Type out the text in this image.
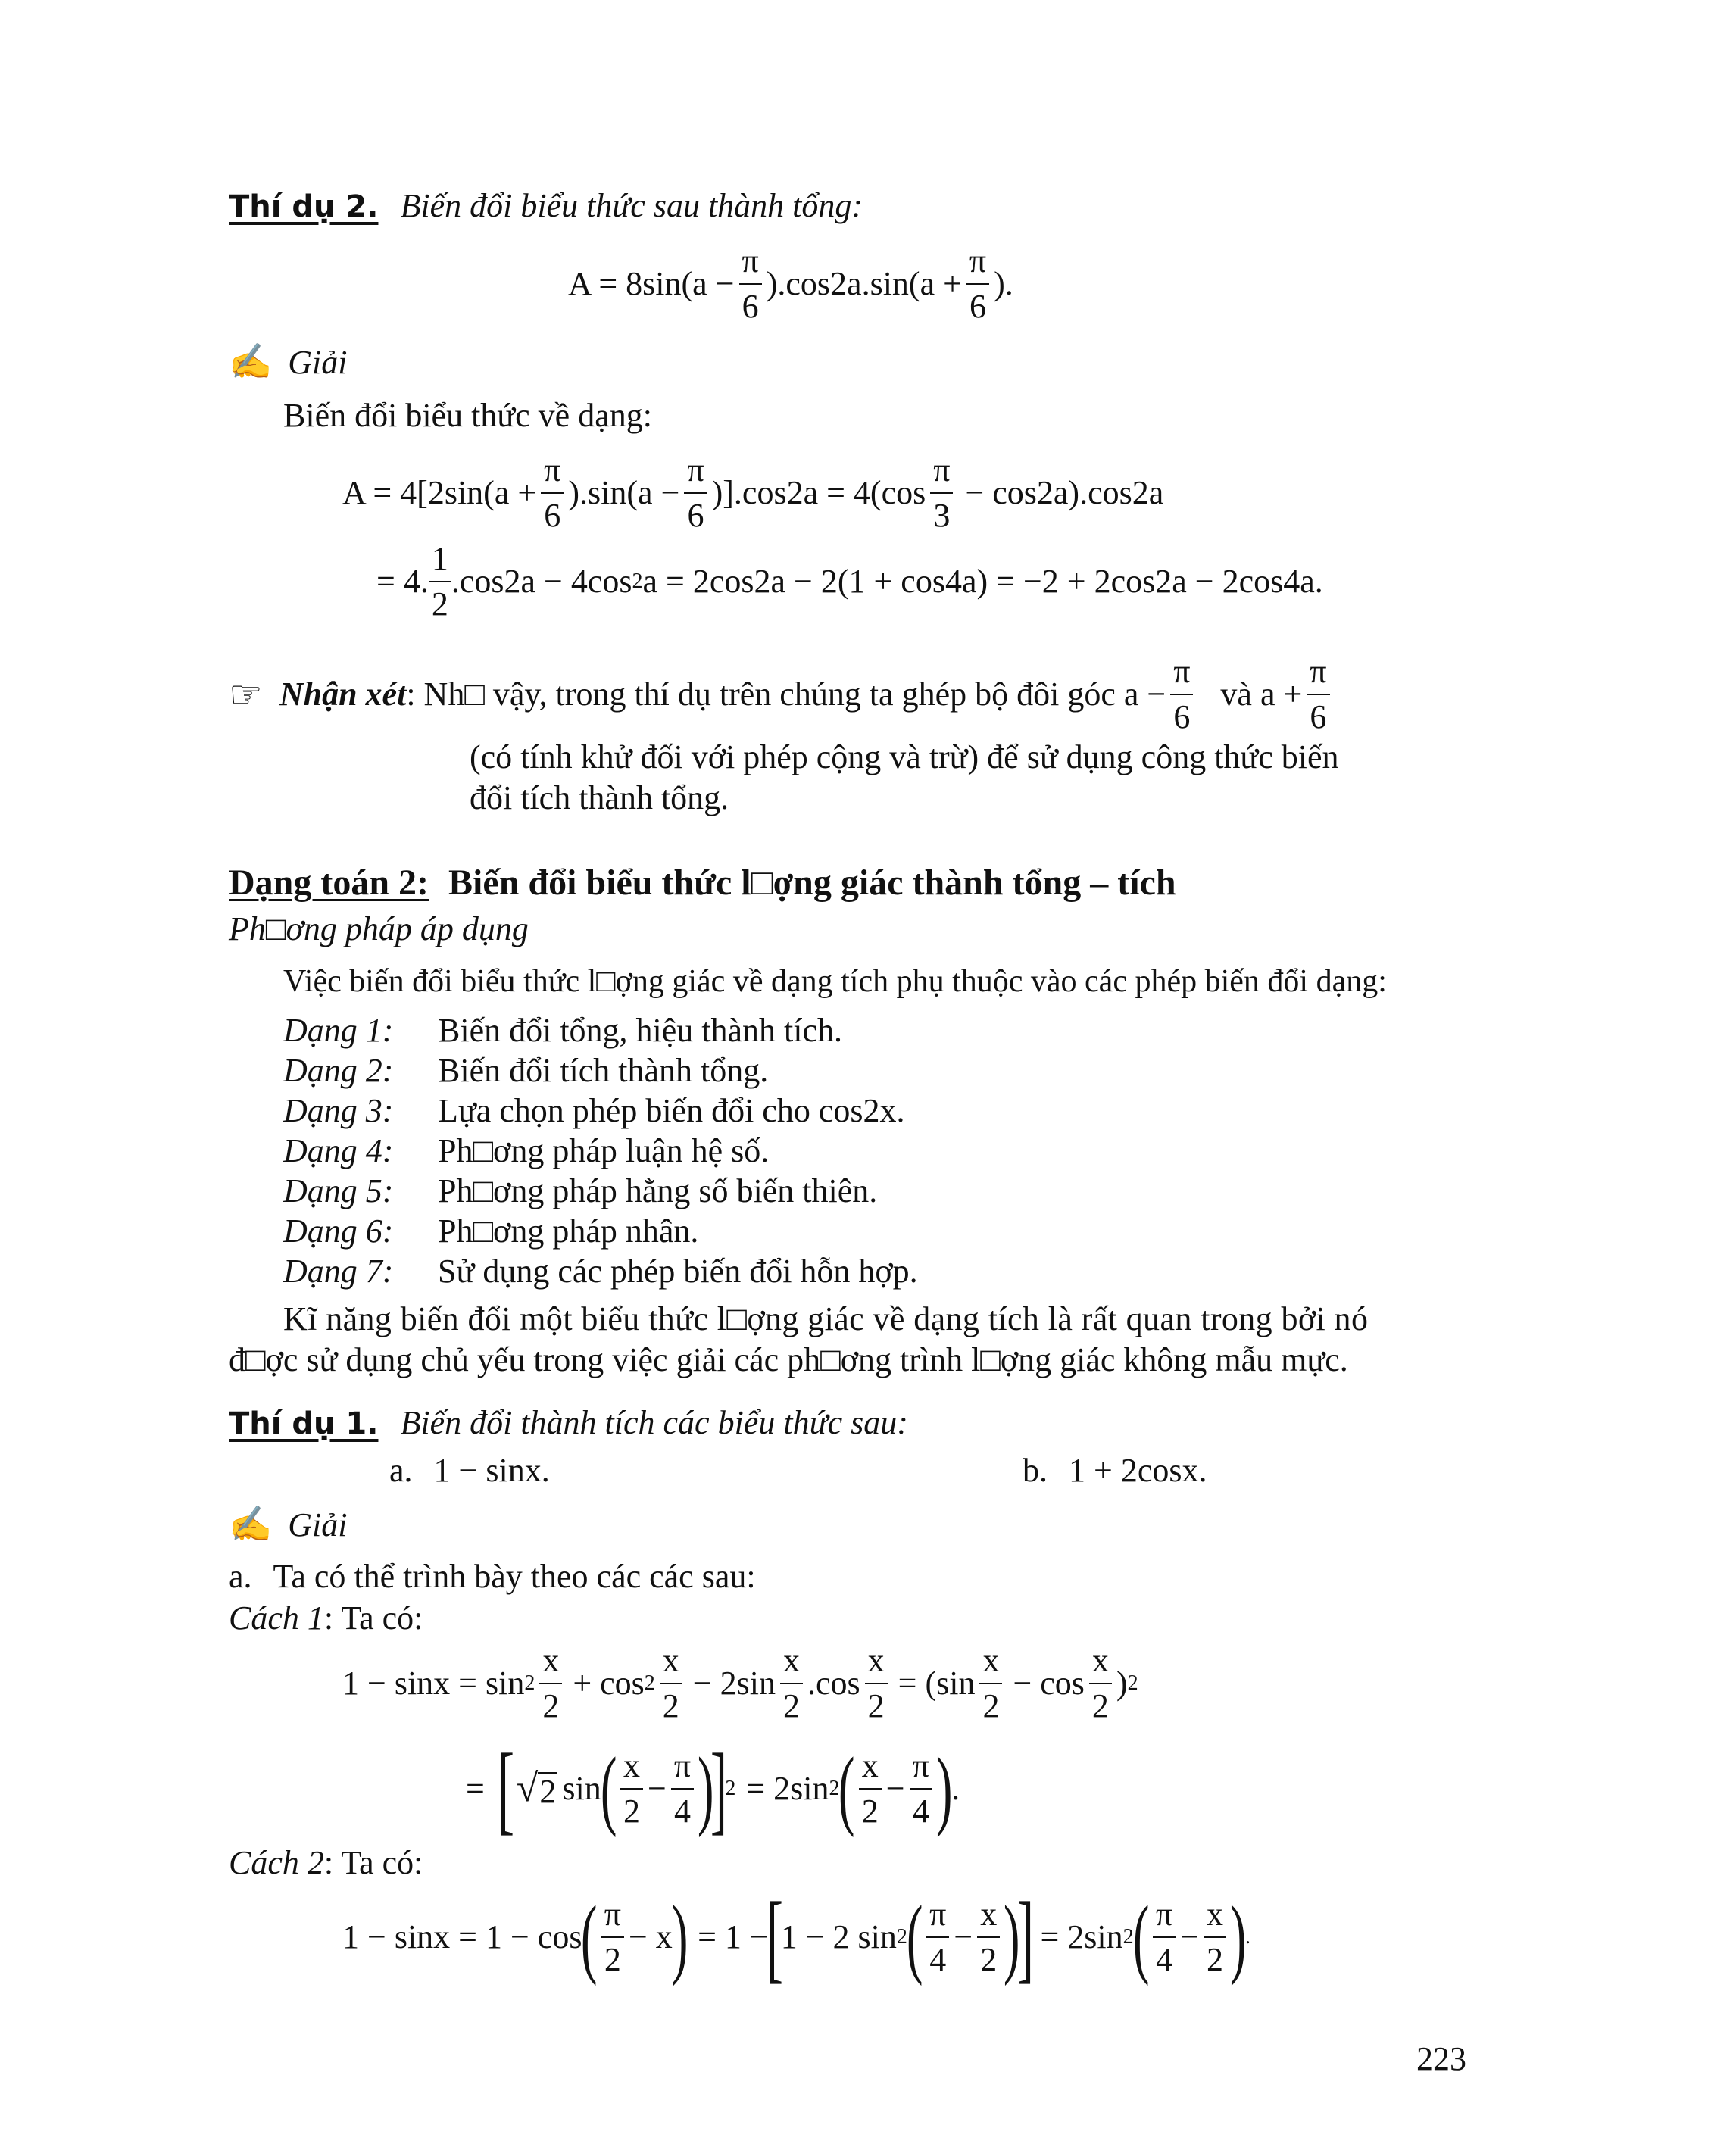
Thí dụ 2. Biến đổi biểu thức sau thành tổng:
$A = 8\sin(a - \frac{\pi}{6} ).\cos 2a.\sin(a + \frac{\pi}{6}$ ).
✍ Giải
Biến đổi biểu thức về dạng:
$A = 4[2\sin(a + \frac{\pi}{6} ).\sin(a - \frac{\pi}{6} )].\cos 2a = 4(\cos \frac{\pi}{3} - \cos 2a).\cos 2a$
= 4. $\frac{1}{2} .\cos 2a - 4\cos$ 2 a = 2cos2a − 2(1 + cos4a) = −2 + 2cos2a − 2cos4a.
☞ Nhận xét : Nh□ vậy, trong thí dụ trên chúng ta ghép bộ đôi góc $a - \frac{\pi}{6}$ và $a + \frac{\pi}{6}$
(có tính khử đối với phép cộng và trừ) để sử dụng công thức biến
đổi tích thành tổng.
Dạng toán 2: Biến đổi biểu thức l□ợng giác thành tổng – tích
Ph□ơng pháp áp dụng
Việc biến đổi biểu thức l□ợng giác về dạng tích phụ thuộc vào các phép biến đổi dạng:
Dạng 1:	Biến đổi tổng, hiệu thành tích.
Dạng 2:	Biến đổi tích thành tổng.
Dạng 3:	Lựa chọn phép biến đổi cho cos2x.
Dạng 4:	Ph□ơng pháp luận hệ số.
Dạng 5:	Ph□ơng pháp hằng số biến thiên.
Dạng 6:	Ph□ơng pháp nhân.
Dạng 7:	Sử dụng các phép biến đổi hỗn hợp.
Kĩ năng biến đổi một biểu thức l□ợng giác về dạng tích là rất quan trong bởi nó
đ□ợc sử dụng chủ yếu trong việc giải các ph□ơng trình l□ợng giác không mẫu mực.
Thí dụ 1. Biến đổi thành tích các biểu thức sau:
a. 1 − sinx.	b. 1 + 2cosx.
✍ Giải
a. Ta có thể trình bày theo các các sau:
Cách 1: Ta có:
$1 - \sin x = \sin 2 \frac{x}{2} + \cos 2 \frac{x}{2} - 2\sin \frac{x}{2} .\cos \frac{x}{2} = (\sin \frac{x}{2} - \cos \frac{x}{2}$ ) 2
= [ √ 2 sin
( $\frac{x}{2} - \frac{\pi}{4}$ )
]
2 = 2sin 2
( $\frac{x}{2} - \frac{\pi}{4}$ )
.
Cách 2: Ta có:
1 − sinx = 1 − cos
( $\frac{\pi}{2} - x$
) = 1 −
[
1 − 2 sin 2
( $\frac{\pi}{4} - \frac{x}{2}$ )
] = 2sin 2
( $\frac{\pi}{4} - \frac{x}{2}$ )
.
223
